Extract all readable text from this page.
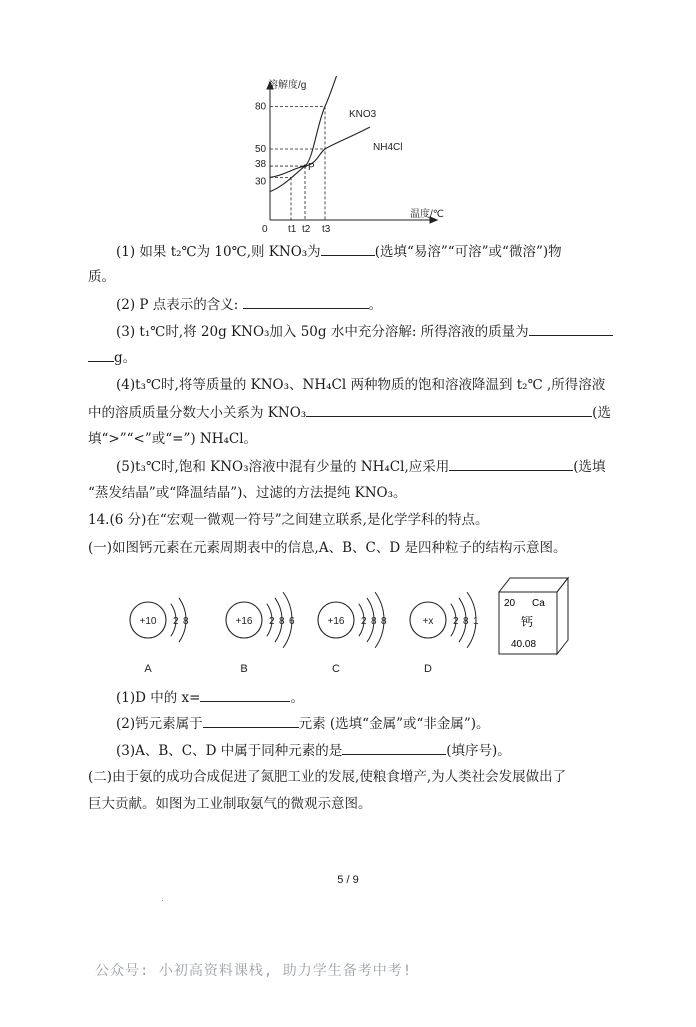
80
50
38
30
t1 t2 t3
0
溶解度/g
温度/℃
KNO3
NH4Cl
P
(1) 如果 t₂℃为 10℃,则 KNO₃为	(选填“易溶”“可溶”或“微溶”)物
质。
(2) P 点表示的含义:	。
(3) t₁℃时,将 20g KNO₃加入 50g 水中充分溶解: 所得溶液的质量为
g。
(4)t₃℃时,将等质量的 KNO₃、NH₄Cl 两种物质的饱和溶液降温到 t₂℃ ,所得溶液
中的溶质质量分数大小关系为 KNO₃	(选
填“>”“<”或“=”) NH₄Cl。
(5)t₃℃时,饱和 KNO₃溶液中混有少量的 NH₄Cl,应采用	(选填
“蒸发结晶”或“降温结晶”)、过滤的方法提纯 KNO₃。
14.(6 分)在“宏观一微观一符号”之间建立联系,是化学学科的特点。
(一)如图钙元素在元素周期表中的信息,A、B、C、D 是四种粒子的结构示意图。
+10 2 8
A
+16 2 8 6
B
+16 2 8 8
C
+x 2 8 1
D
20 Ca
钙
40.08
(1)D 中的 x=	。
(2)钙元素属于	元素 (选填“金属”或“非金属”)。
(3)A、B、C、D 中属于同种元素的是	(填序号)。
(二)由于氨的成功合成促进了氮肥工业的发展,使粮食增产,为人类社会发展做出了
巨大贡献。如图为工业制取氨气的微观示意图。
5 / 9
公众号: 小初高资料课栈, 助力学生备考中考!
